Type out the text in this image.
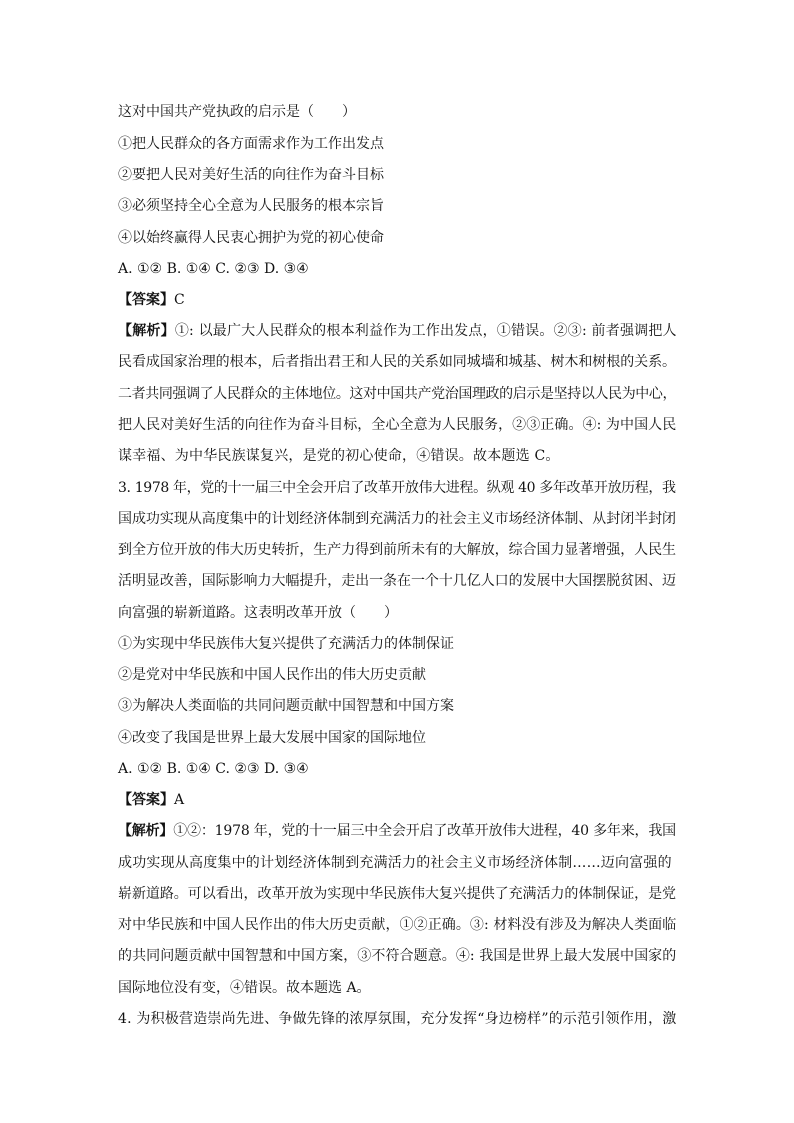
这对中国共产党执政的启示是（　　）
①把人民群众的各方面需求作为工作出发点
②要把人民对美好生活的向往作为奋斗目标
③必须坚持全心全意为人民服务的根本宗旨
④以始终赢得人民衷心拥护为党的初心使命
A. ①② B. ①④ C. ②③ D. ③④
【答案】C
【解析】①: 以最广大人民群众的根本利益作为工作出发点，①错误。②③: 前者强调把人
民看成国家治理的根本，后者指出君王和人民的关系如同城墙和城基、树木和树根的关系。
二者共同强调了人民群众的主体地位。这对中国共产党治国理政的启示是坚持以人民为中心，
把人民对美好生活的向往作为奋斗目标，全心全意为人民服务，②③正确。④: 为中国人民
谋幸福、为中华民族谋复兴，是党的初心使命，④错误。故本题选 C。
3. 1978 年，党的十一届三中全会开启了改革开放伟大进程。纵观 40 多年改革开放历程，我
国成功实现从高度集中的计划经济体制到充满活力的社会主义市场经济体制、从封闭半封闭
到全方位开放的伟大历史转折，生产力得到前所未有的大解放，综合国力显著增强，人民生
活明显改善，国际影响力大幅提升，走出一条在一个十几亿人口的发展中大国摆脱贫困、迈
向富强的崭新道路。这表明改革开放（　　）
①为实现中华民族伟大复兴提供了充满活力的体制保证
②是党对中华民族和中国人民作出的伟大历史贡献
③为解决人类面临的共同问题贡献中国智慧和中国方案
④改变了我国是世界上最大发展中国家的国际地位
A. ①② B. ①④ C. ②③ D. ③④
【答案】A
【解析】①②：1978 年，党的十一届三中全会开启了改革开放伟大进程，40 多年来，我国
成功实现从高度集中的计划经济体制到充满活力的社会主义市场经济体制……迈向富强的
崭新道路。可以看出，改革开放为实现中华民族伟大复兴提供了充满活力的体制保证，是党
对中华民族和中国人民作出的伟大历史贡献，①②正确。③: 材料没有涉及为解决人类面临
的共同问题贡献中国智慧和中国方案，③不符合题意。④: 我国是世界上最大发展中国家的
国际地位没有变，④错误。故本题选 A。
4. 为积极营造崇尚先进、争做先锋的浓厚氛围，充分发挥“身边榜样”的示范引领作用，激
